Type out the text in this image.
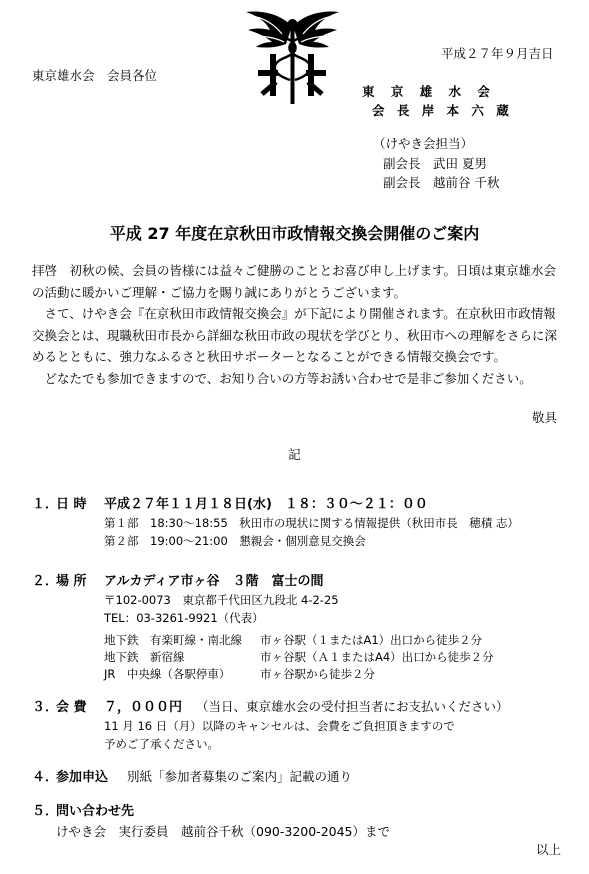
平成２７年９月吉日
東京雄水会　会員各位
東 京 雄 水 会
会 長 岸 本 六 蔵
（けやき会担当）
副会長　武田 夏男
副会長　越前谷 千秋
平成 27 年度在京秋田市政情報交換会開催のご案内

拝啓　初秋の候、会員の皆様には益々ご健勝のこととお喜び申し上げます。日頃は東京雄水会の活動に暖かいご理解・ご協力を賜り誠にありがとうございます。

さて、けやき会『在京秋田市政情報交換会』が下記により開催されます。在京秋田市政情報交換会とは、現職秋田市長から詳細な秋田市政の現状を学びとり、秋田市への理解をさらに深めるとともに、強力なふるさと秋田サポーターとなることができる情報交換会です。

どなたでも参加できますので、お知り合いの方等お誘い合わせで是非ご参加ください。

敬具
記
１．
日 時 平成２７年１１月１８日(水)　１８：３０～２１：００
第１部　18:30～18:55　秋田市の現状に関する情報提供（秋田市長　穂積 志）
第２部　19:00～21:00　懇親会・個別意見交換会
２．
場 所 アルカディア市ヶ谷　３階　富士の間
〒102-0073　東京都千代田区九段北 4-2-25
TEL：03-3261-9921（代表）
地下鉄　有楽町線・南北線 市ヶ谷駅（１またはA1）出口から徒歩２分
地下鉄　新宿線	市ヶ谷駅（Ａ１またはA4）出口から徒歩２分
JR　中央線（各駅停車）	市ヶ谷駅から徒歩２分
３．
会 費 ７，０００円 （当日、東京雄水会の受付担当者にお支払いください）
11 月 16 日（月）以降のキャンセルは、会費をご負担頂きますので
予めご了承ください。
４．
参加申込 別紙「参加者募集のご案内」記載の通り
５．
問い合わせ先
けやき会　実行委員　越前谷千秋（090-3200-2045）まで
以上
